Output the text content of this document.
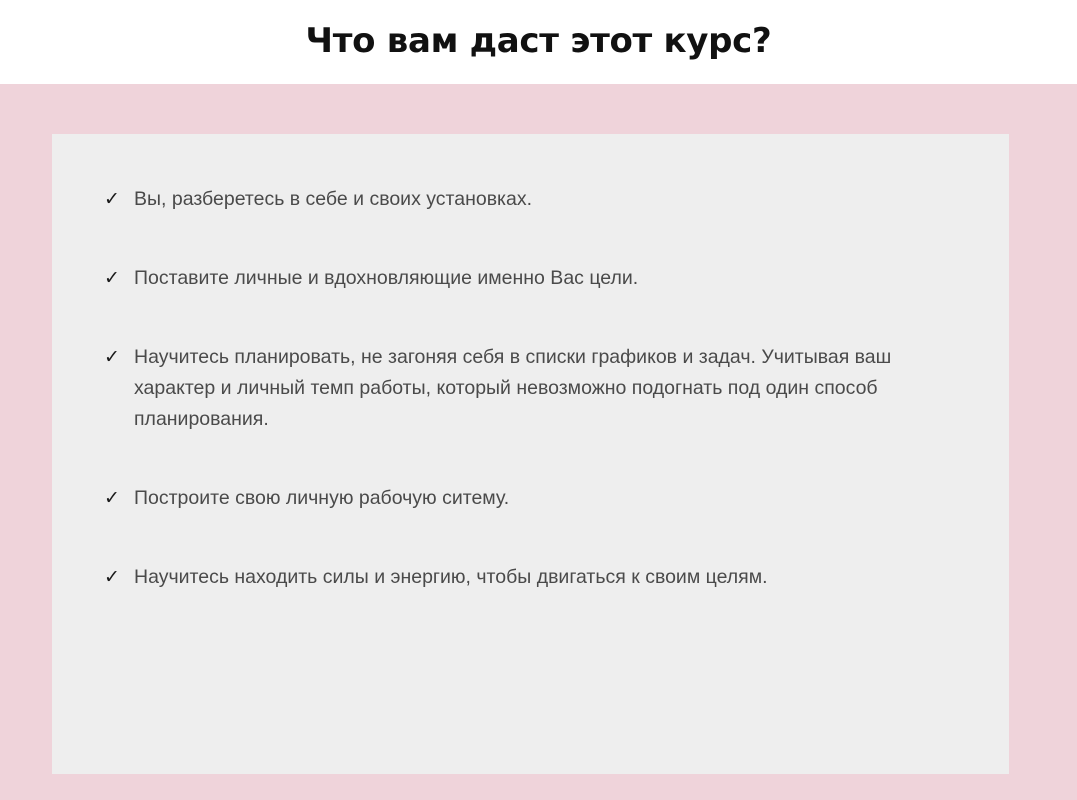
Что вам даст этот курс?
✓ Вы, разберетесь в себе и своих установках.
✓ Поставите личные и вдохновляющие именно Вас цели.
✓ Научитесь планировать, не загоняя себя в списки графиков и задач. Учитывая ваш характер и личный темп работы, который невозможно подогнать под один способ планирования.
✓ Построите свою личную рабочую ситему.
✓ Научитесь находить силы и энергию, чтобы двигаться к своим целям.
